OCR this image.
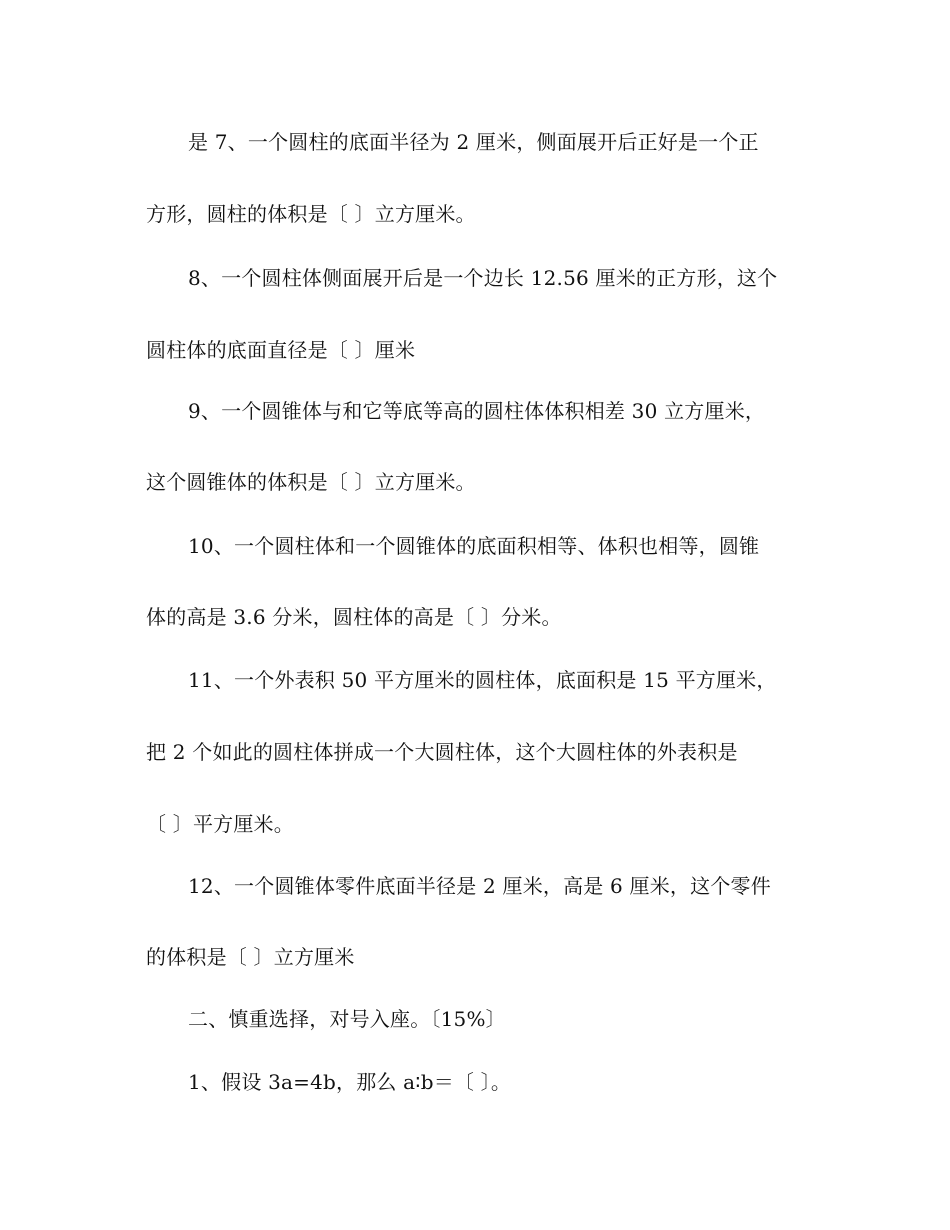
是 7、一个圆柱的底面半径为 2 厘米，侧面展开后正好是一个正
方形，圆柱的体积是〔 〕立方厘米。
8、一个圆柱体侧面展开后是一个边长 12.56 厘米的正方形，这个
圆柱体的底面直径是〔 〕厘米
9、一个圆锥体与和它等底等高的圆柱体体积相差 30 立方厘米，
这个圆锥体的体积是〔 〕立方厘米。
10、一个圆柱体和一个圆锥体的底面积相等、体积也相等，圆锥
体的高是 3.6 分米，圆柱体的高是〔 〕分米。
11、一个外表积 50 平方厘米的圆柱体，底面积是 15 平方厘米，
把 2 个如此的圆柱体拼成一个大圆柱体，这个大圆柱体的外表积是
〔 〕平方厘米。
12、一个圆锥体零件底面半径是 2 厘米，高是 6 厘米，这个零件
的体积是〔 〕立方厘米
二、慎重选择，对号入座。〔15%〕
1、假设 3a=4b，那么 a∶b＝〔 〕。
